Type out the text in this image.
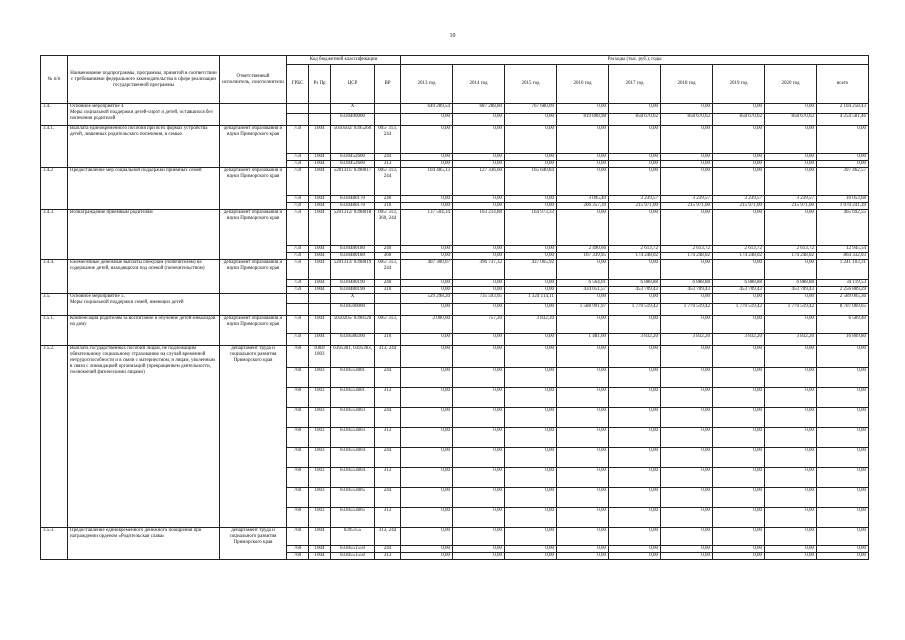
10
№ п/п	Наименование подпрограммы, программы, принятой в соответствии с требованиями федерального законодательства в сфере реализации государственной программы	Ответственный исполнитель, соисполнители	Код бюджетной классификации				Расходы (тыс. руб.), годы								
			ГРБС	Рз Пр	ЦСР	ВР	2013 год	2014 год	2015 год	2016 год	2017 год	2018 год	2019 год	2020 год	всего
3.4.	Основное мероприятие 4
Меры социальной поддержки детей-сирот и детей, оставшихся без попечения родителей				X		649 289,54	687 288,80	767 680,09	0,00	0,00	0,00	0,00	0,00	2 104 258,43
					0330400000		0,00	0,00	0,00	819 898,98	858 670,62	858 670,62	858 670,62	858 670,62	4 254 581,46
3.4.1.	Выплата единовременного пособия при всех формах устройства детей, лишенных родительского попечения, в семью	департамент образования и науки Приморского края	759	1004	5050502/ 0395260	005/ 313, 244	0,00	0,00	0,00	0,00	0,00	0,00	0,00	0,00	0,00
			759	1004	0330452600	244	0,00	0,00	0,00	0,00	0,00	0,00	0,00	0,00	0,00
			759	1004	0330452600	313	0,00	0,00	0,00	0,00	0,00	0,00	0,00	0,00	0,00
3.4.2	Предоставление мер социальной поддержки приемных семей	департамент образования и науки Приморского края	759	1004	5201311/ 0398017	005/ 313, 244	104 485,13	127 336,60	165 640,84	0,00	0,00	0,00	0,00	0,00	397 462,57
			759	1004	0330480170	240	0,00	0,00	0,00	3 095,40	3 239,57	3 239,57	3 239,57	3 239,57	16 053,68
			759	1004	0330480170	310	0,00	0,00	0,00	206 357,39	215 971,00	215 971,00	215 971,00	215 971,00	1 070 241,39
3.4.3.	Вознаграждение приемным родителям	департамент образования и науки Приморского края	759	1004	5201312/ 0398018	005/ 313, 360, 244	137 504,34	163 214,88	164 973,33	0,00	0,00	0,00	0,00	0,00	465 692,55
			759	1004	0330480180	240	0,00	0,00	0,00	2 490,66	2 613,72	2 613,72	2 613,72	2 613,72	12 945,54
			759	1004	0330480180	360	0,00	0,00	0,00	167 339,95	174 248,02	174 248,02	174 248,02	174 248,02	864 332,03
3.4.4.	Ежемесячные денежные выплаты опекунам (попечителям) на содержание детей, находящихся под опекой (попечительством)	департамент образования и науки Приморского края	759	1004	5201313/ 0398019	005/ 313, 244	407 300,07	396 737,32	437 065,92	0,00	0,00	0,00	0,00	0,00	1 241 103,31
			759	1004	0330480190	240	0,00	0,00	0,00	6 564,01	6 888,88	6 888,88	6 888,88	6 888,88	34 119,53
			759	1004	0330480190	310	0,00	0,00	0,00	434 051,57	453 709,43	453 709,43	453 709,43	453 709,43	2 256 889,29
3.5.	Основное мероприятие 5.
Меры социальной поддержки семей, имеющих детей				X		529 298,20	735 593,05	1 324 114,11	0,00	0,00	0,00	0,00	0,00	2 589 005,36
					0330500000		0,00	0,00	0,00	1 588 991,97	1 779 519,42	1 779 519,42	1 779 519,42	1 779 519,42	8 707 069,65
3.5.1.	Компенсация родителям за воспитание и обучение детей-инвалидов на дому	департамент образования и науки Приморского края	759	1004	5050205/ 0398120	005/ 313,	2 000,00	757,20	3 832,20	0,00	0,00	0,00	0,00	0,00	6 589,40
			759	1004	0330580200	310	0,00	0,00	0,00	1 481,00	3 832,20	3 832,20	3 832,20	3 832,20	16 809,80
3.5.2.	Выплата государственных пособий лицам, не подлежащим обязательному социальному страхованию на случай временной нетрудоспособности и в связи с материнством, и лицам, уволенным в связи с ликвидацией организаций (прекращением деятельности, полномочий физическими лицами)	департамент труда и социального развития Приморского края	760	1004/ 1003	0395381, 0395383,	313, 244	0,00	0,00	0,00	0,00	0,00	0,00	0,00	0,00	0,00
			760	1003	0330553801	244	0,00	0,00	0,00	0,00	0,00	0,00	0,00	0,00	0,00
			760	1003	0330553801	313	0,00	0,00	0,00	0,00	0,00	0,00	0,00	0,00	0,00
			760	1003	0330553803	244	0,00	0,00	0,00	0,00	0,00	0,00	0,00	0,00	0,00
			760	1003	0330553803	313	0,00	0,00	0,00	0,00	0,00	0,00	0,00	0,00	0,00
			760	1003	0330553804	244	0,00	0,00	0,00	0,00	0,00	0,00	0,00	0,00	0,00
			760	1003	0330553804	313	0,00	0,00	0,00	0,00	0,00	0,00	0,00	0,00	0,00
			760	1003	0330553805	244	0,00	0,00	0,00	0,00	0,00	0,00	0,00	0,00	0,00
			760	1003	0330553805	313	0,00	0,00	0,00	0,00	0,00	0,00	0,00	0,00	0,00
3.5.3.	Предоставление единовременного денежного поощрения при награждении орденом «Родительская слава»	департамент труда и социального развития Приморского края	760	1004	0395155	313, 244	0,00	0,00	0,00	0,00	0,00	0,00	0,00	0,00	0,00
			760	1004	0330551550	244	0,00	0,00	0,00	0,00	0,00	0,00	0,00	0,00	0,00
			760	1004	0330551550	313	0,00	0,00	0,00	0,00	0,00	0,00	0,00	0,00	0,00
